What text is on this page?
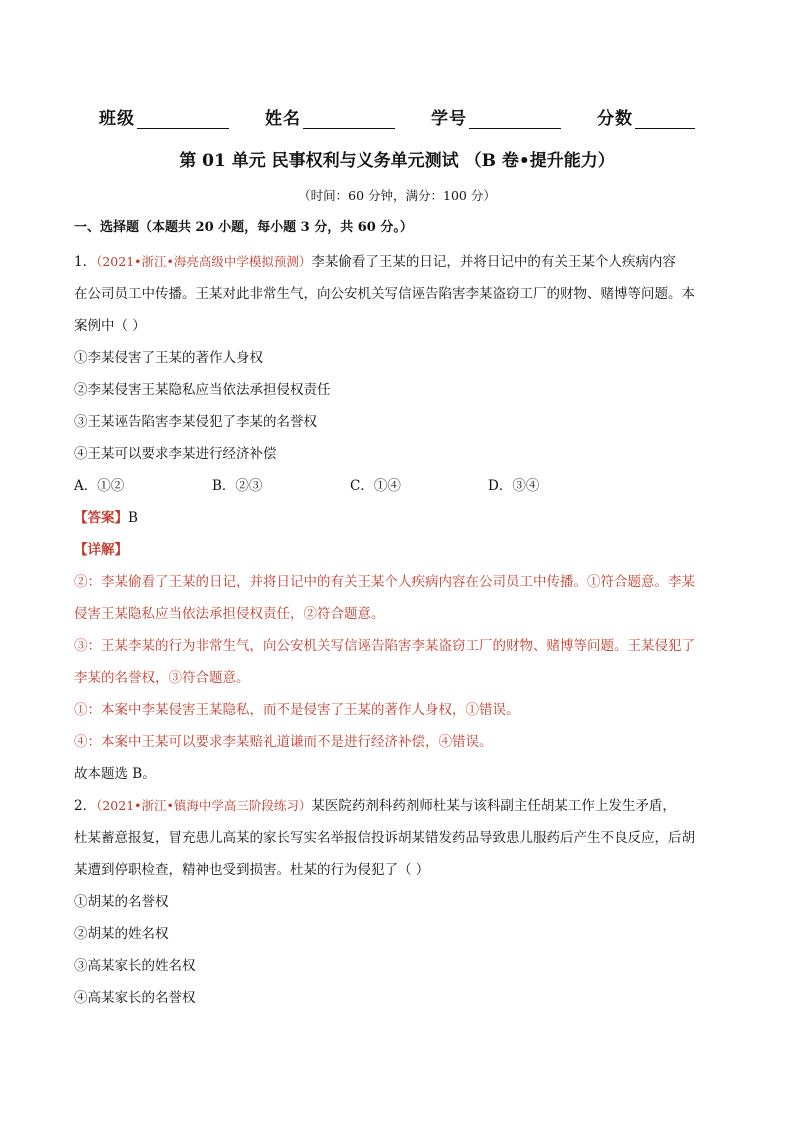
班级	姓名	学号	分数
第 01 单元 民事权利与义务单元测试 （B 卷•提升能力）
（时间：60 分钟，满分：100 分）
一、选择题（本题共 20 小题，每小题 3 分，共 60 分。）
1．（2021•浙江•海亮高级中学模拟预测）李某偷看了王某的日记，并将日记中的有关王某个人疾病内容
在公司员工中传播。王某对此非常生气，向公安机关写信诬告陷害李某盗窃工厂的财物、赌博等问题。本
案例中（ ）
①李某侵害了王某的著作人身权
②李某侵害王某隐私应当依法承担侵权责任
③王某诬告陷害李某侵犯了李某的名誉权
④王某可以要求李某进行经济补偿
A．①②	B．②③	C．①④	D．③④
【答案】B
【详解】
②：李某偷看了王某的日记，并将日记中的有关王某个人疾病内容在公司员工中传播。①符合题意。李某
侵害王某隐私应当依法承担侵权责任，②符合题意。
③：王某李某的行为非常生气，向公安机关写信诬告陷害李某盗窃工厂的财物、赌博等问题。王某侵犯了
李某的名誉权，③符合题意。
①：本案中李某侵害王某隐私，而不是侵害了王某的著作人身权，①错误。
④：本案中王某可以要求李某赔礼道谦而不是进行经济补偿，④错误。
故本题选 B。
2．（2021•浙江•镇海中学高三阶段练习）某医院药剂科药剂师杜某与该科副主任胡某工作上发生矛盾，
杜某蓄意报复，冒充患儿高某的家长写实名举报信投诉胡某错发药品导致患儿服药后产生不良反应，后胡
某遭到停职检查，精神也受到损害。杜某的行为侵犯了（ ）
①胡某的名誉权
②胡某的姓名权
③高某家长的姓名权
④高某家长的名誉权
